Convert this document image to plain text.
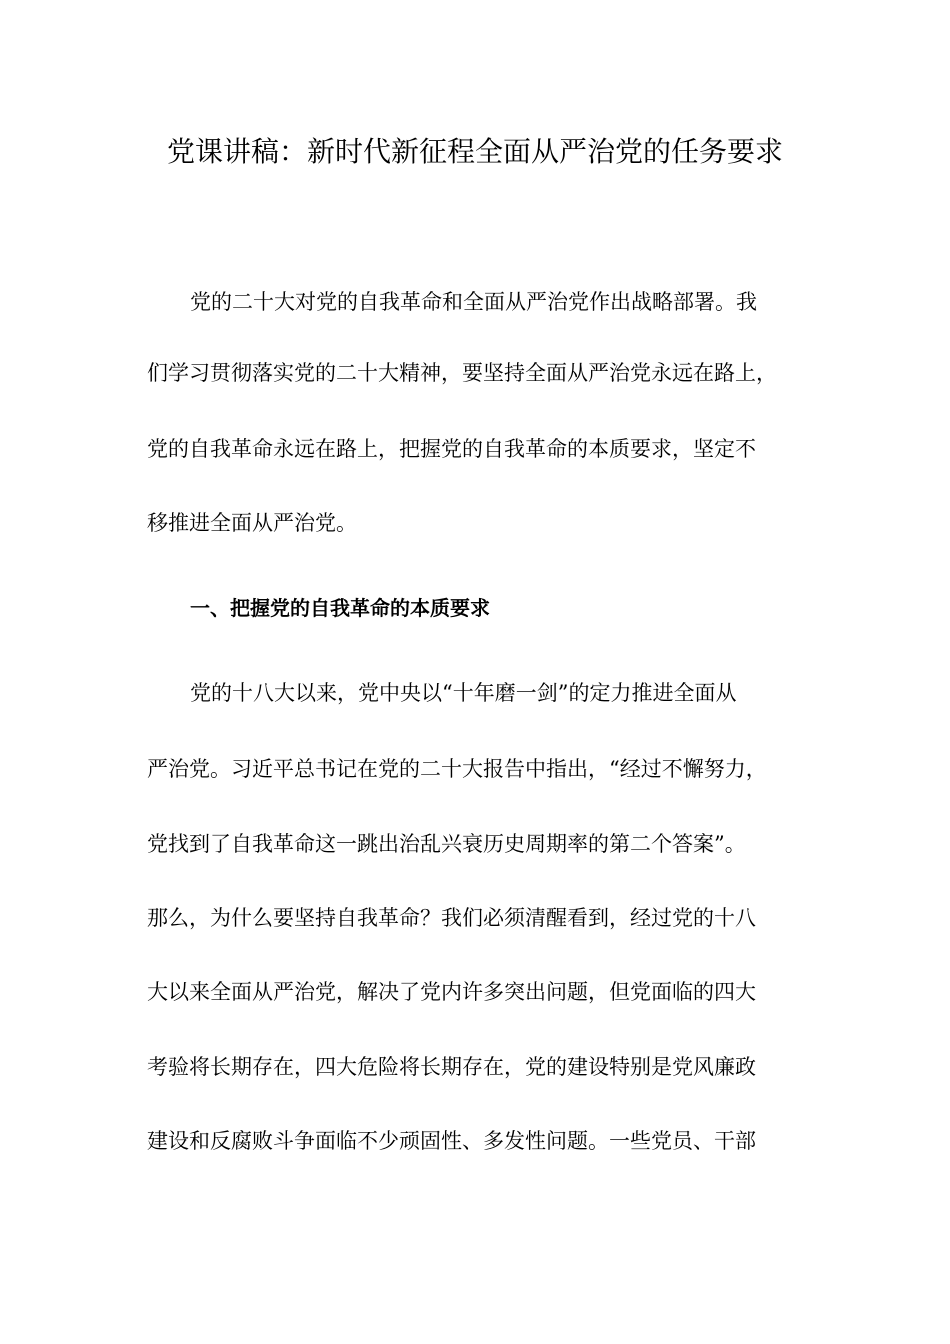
党课讲稿：新时代新征程全面从严治党的任务要求

党的二十大对党的自我革命和全面从严治党作出战略部署。我

们学习贯彻落实党的二十大精神，要坚持全面从严治党永远在路上，

党的自我革命永远在路上，把握党的自我革命的本质要求，坚定不

移推进全面从严治党。

一、把握党的自我革命的本质要求

党的十八大以来，党中央以“十年磨一剑”的定力推进全面从

严治党。习近平总书记在党的二十大报告中指出，“经过不懈努力，

党找到了自我革命这一跳出治乱兴衰历史周期率的第二个答案”。

那么，为什么要坚持自我革命？我们必须清醒看到，经过党的十八

大以来全面从严治党，解决了党内许多突出问题，但党面临的四大

考验将长期存在，四大危险将长期存在，党的建设特别是党风廉政

建设和反腐败斗争面临不少顽固性、多发性问题。一些党员、干部
